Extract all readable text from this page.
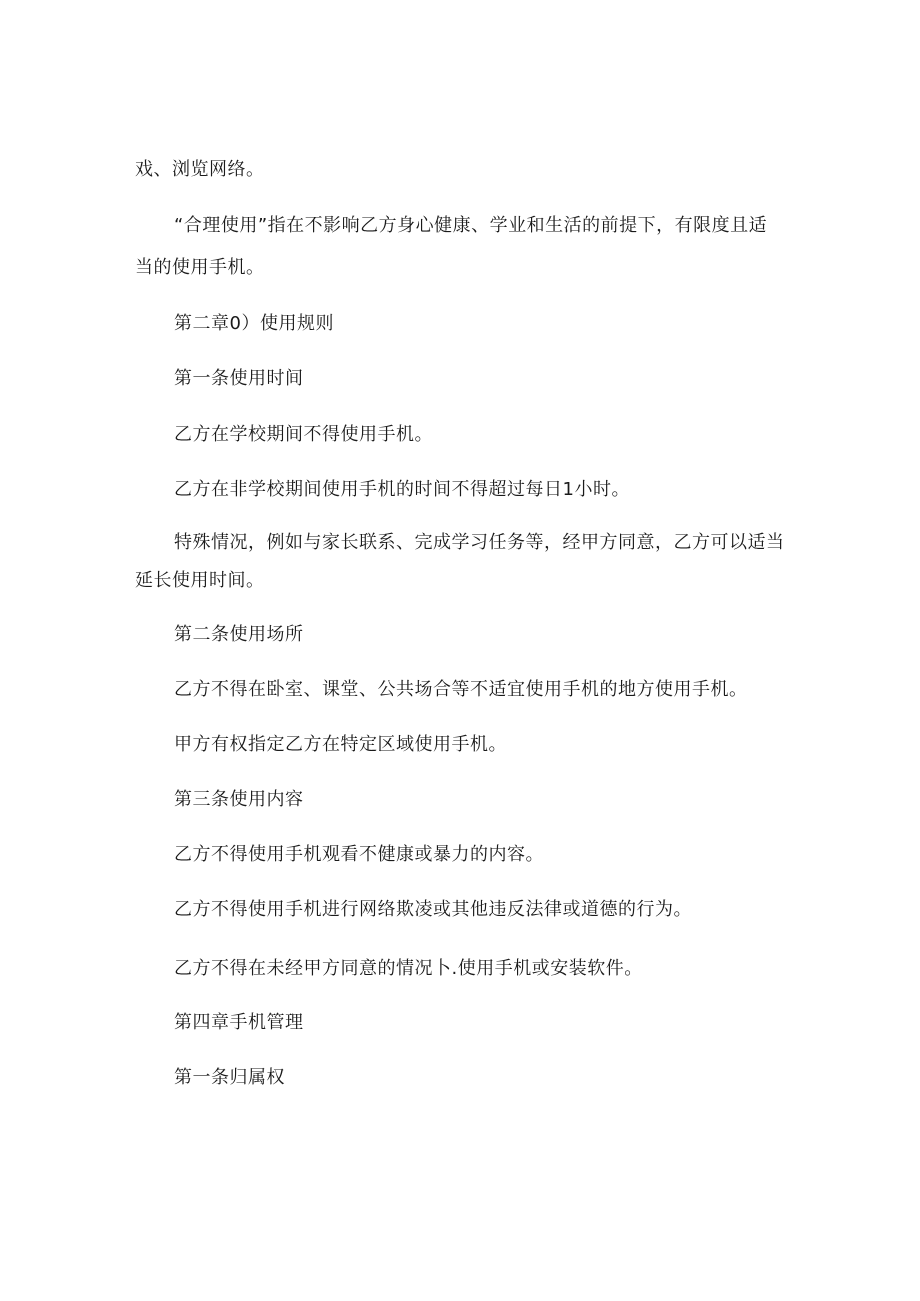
戏、浏览网络。
“合理使用”指在不影响乙方身心健康、学业和生活的前提下，有限度且适
当的使用手机。
第二章0）使用规则
第一条使用时间
乙方在学校期间不得使用手机。
乙方在非学校期间使用手机的时间不得超过每日1小时。
特殊情况，例如与家长联系、完成学习任务等，经甲方同意，乙方可以适当
延长使用时间。
第二条使用场所
乙方不得在卧室、课堂、公共场合等不适宜使用手机的地方使用手机。
甲方有权指定乙方在特定区域使用手机。
第三条使用内容
乙方不得使用手机观看不健康或暴力的内容。
乙方不得使用手机进行网络欺凌或其他违反法律或道德的行为。
乙方不得在未经甲方同意的情况卜.使用手机或安装软件。
第四章手机管理
第一条归属权
